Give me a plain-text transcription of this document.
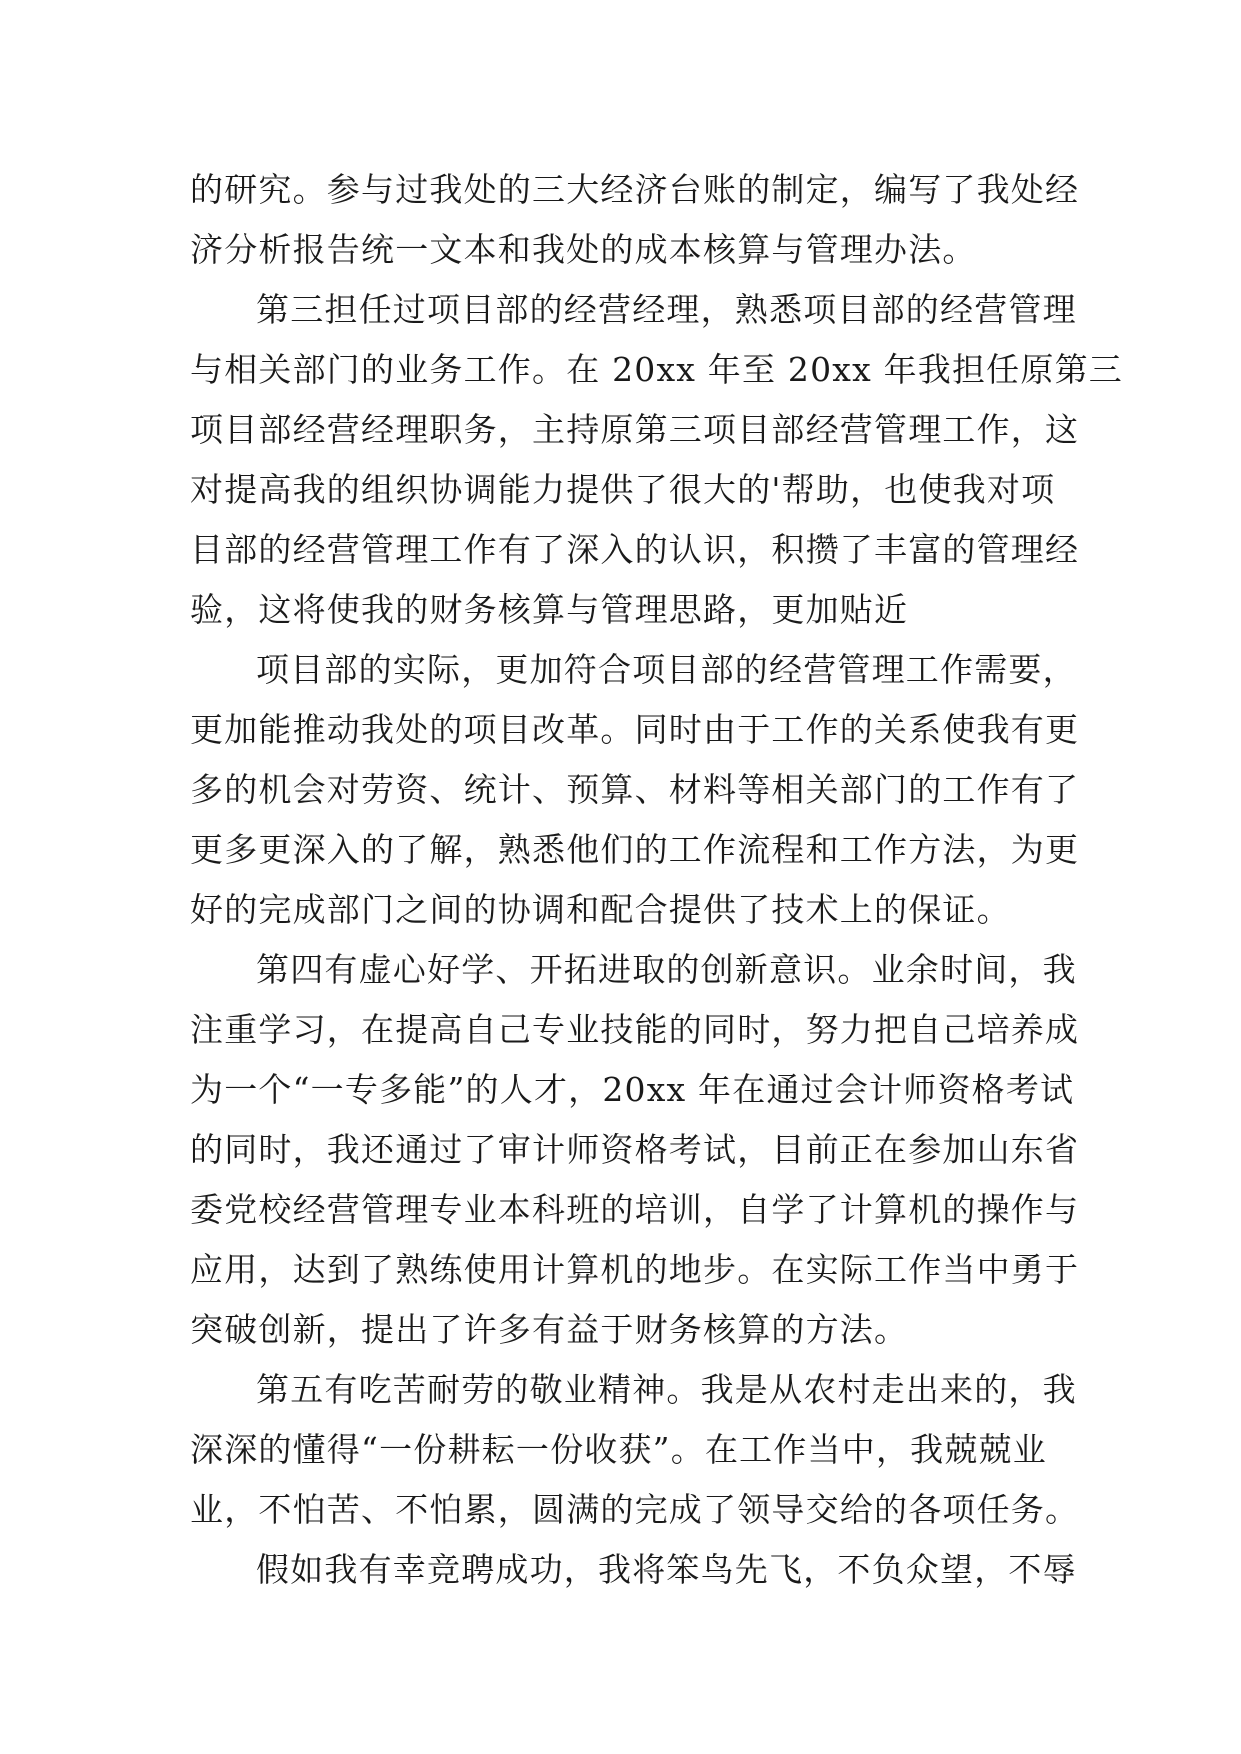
的研究。参与过我处的三大经济台账的制定，编写了我处经
济分析报告统一文本和我处的成本核算与管理办法。
第三担任过项目部的经营经理，熟悉项目部的经营管理
与相关部门的业务工作。在 20xx 年至 20xx 年我担任原第三
项目部经营经理职务，主持原第三项目部经营管理工作，这
对提高我的组织协调能力提供了很大的'帮助，也使我对项
目部的经营管理工作有了深入的认识，积攒了丰富的管理经
验，这将使我的财务核算与管理思路，更加贴近
项目部的实际，更加符合项目部的经营管理工作需要，
更加能推动我处的项目改革。同时由于工作的关系使我有更
多的机会对劳资、统计、预算、材料等相关部门的工作有了
更多更深入的了解，熟悉他们的工作流程和工作方法，为更
好的完成部门之间的协调和配合提供了技术上的保证。
第四有虚心好学、开拓进取的创新意识。业余时间，我
注重学习，在提高自己专业技能的同时，努力把自己培养成
为一个“一专多能”的人才，20xx 年在通过会计师资格考试
的同时，我还通过了审计师资格考试，目前正在参加山东省
委党校经营管理专业本科班的培训，自学了计算机的操作与
应用，达到了熟练使用计算机的地步。在实际工作当中勇于
突破创新，提出了许多有益于财务核算的方法。
第五有吃苦耐劳的敬业精神。我是从农村走出来的，我
深深的懂得“一份耕耘一份收获”。在工作当中，我兢兢业
业，不怕苦、不怕累，圆满的完成了领导交给的各项任务。
假如我有幸竞聘成功，我将笨鸟先飞，不负众望，不辱
